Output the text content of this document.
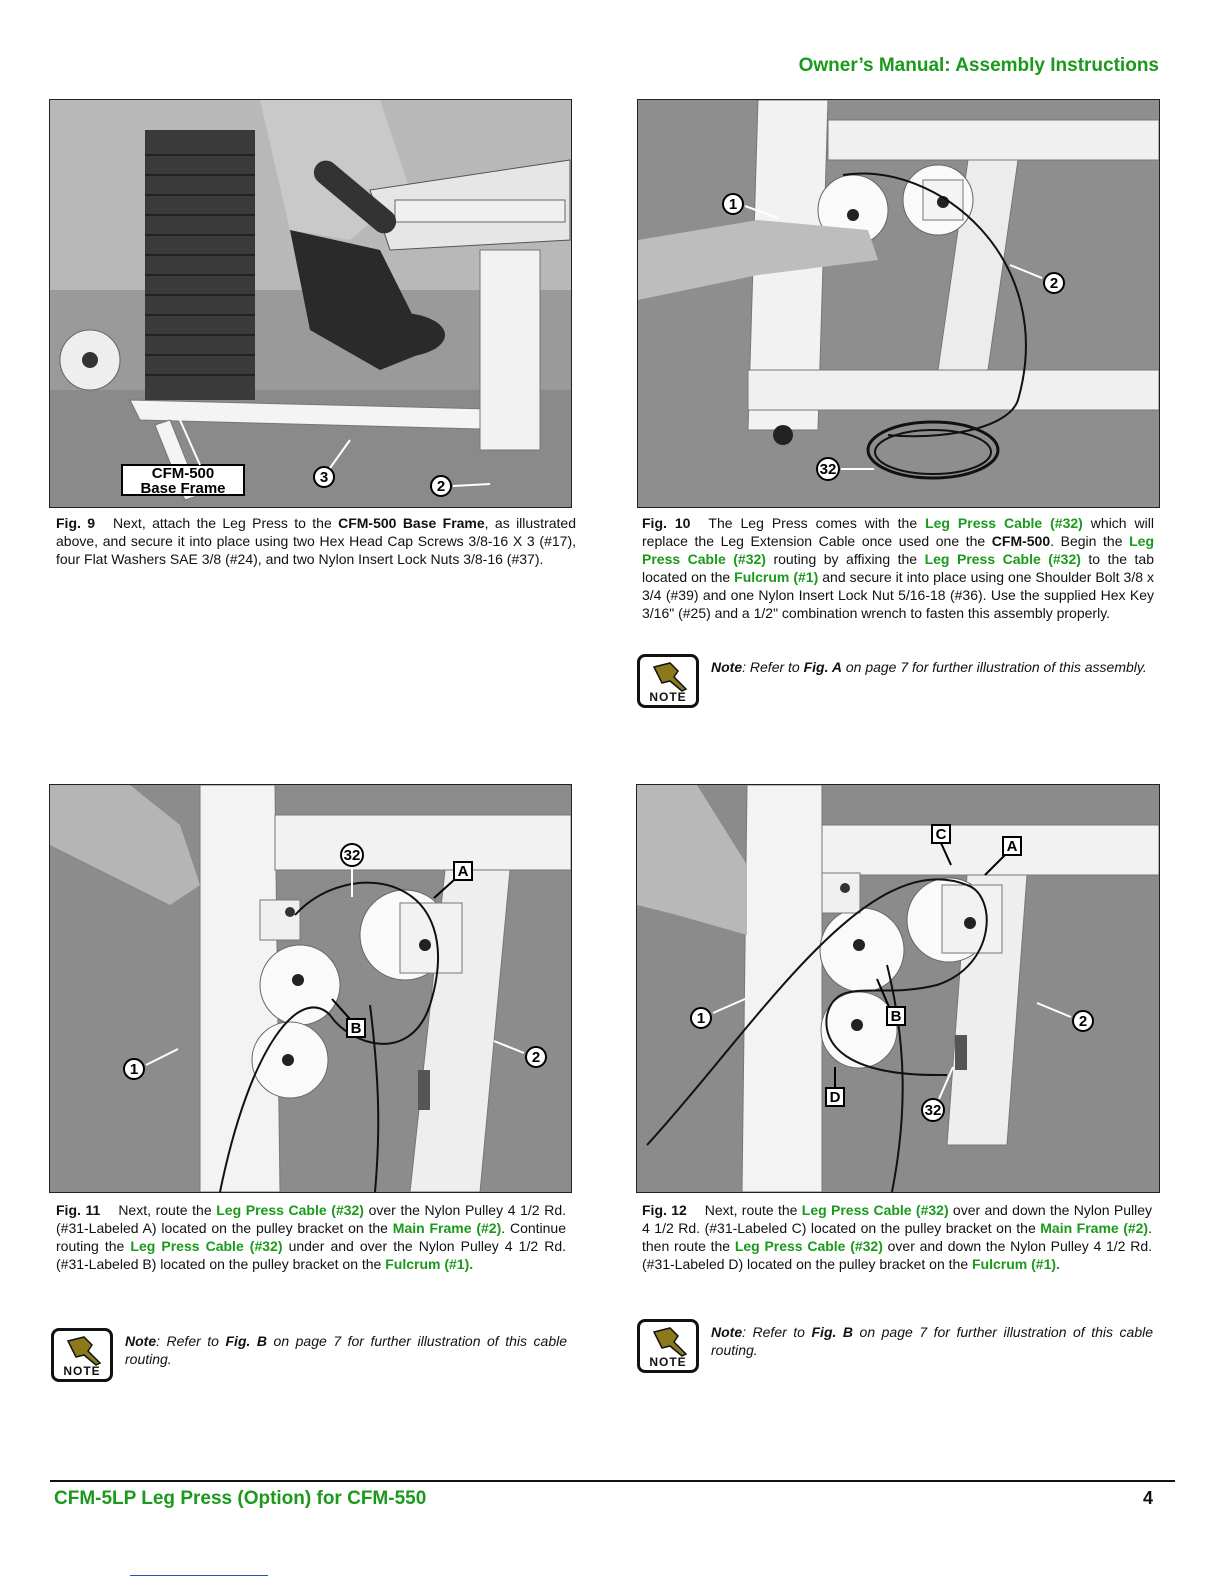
Owner’s Manual: Assembly Instructions
CFM-500
Base Frame
3
2
Fig. 9 Next, attach the Leg Press to the CFM-500 Base Frame, as illustrated above, and secure it into place using two Hex Head Cap Screws 3/8-16 X 3 (#17), four Flat Washers SAE 3/8 (#24), and two Nylon Insert Lock Nuts 3/8-16 (#37).
1
2
32
Fig. 10 The Leg Press comes with the Leg Press Cable (#32) which will replace the Leg Extension Cable once used one the CFM-500. Begin the Leg Press Cable (#32) routing by affixing the Leg Press Cable (#32) to the tab located on the Fulcrum (#1) and secure it into place using one Shoulder Bolt 3/8 x 3/4 (#39) and one Nylon Insert Lock Nut 5/16-18 (#36). Use the supplied Hex Key 3/16" (#25) and a 1/2" combination wrench to fasten this assembly properly.
NOTE
Note: Refer to Fig. A on page 7 for further illustration of this assembly.
32
A
B
1
2
Fig. 11 Next, route the Leg Press Cable (#32) over the Nylon Pulley 4 1/2 Rd. (#31-Labeled A) located on the pulley bracket on the Main Frame (#2). Continue routing the Leg Press Cable (#32) under and over the Nylon Pulley 4 1/2 Rd. (#31-Labeled B) located on the pulley bracket on the Fulcrum (#1).
NOTE
Note: Refer to Fig. B on page 7 for further illustration of this cable routing.
C
A
1	B	2
D
32
Fig. 12 Next, route the Leg Press Cable (#32) over and down the Nylon Pulley 4 1/2 Rd. (#31-Labeled C) located on the pulley bracket on the Main Frame (#2). then route the Leg Press Cable (#32) over and down the Nylon Pulley 4 1/2 Rd. (#31-Labeled D) located on the pulley bracket on the Fulcrum (#1).
NOTE
Note: Refer to Fig. B on page 7 for further illustration of this cable routing.
CFM-5LP Leg Press (Option) for CFM-550	4
